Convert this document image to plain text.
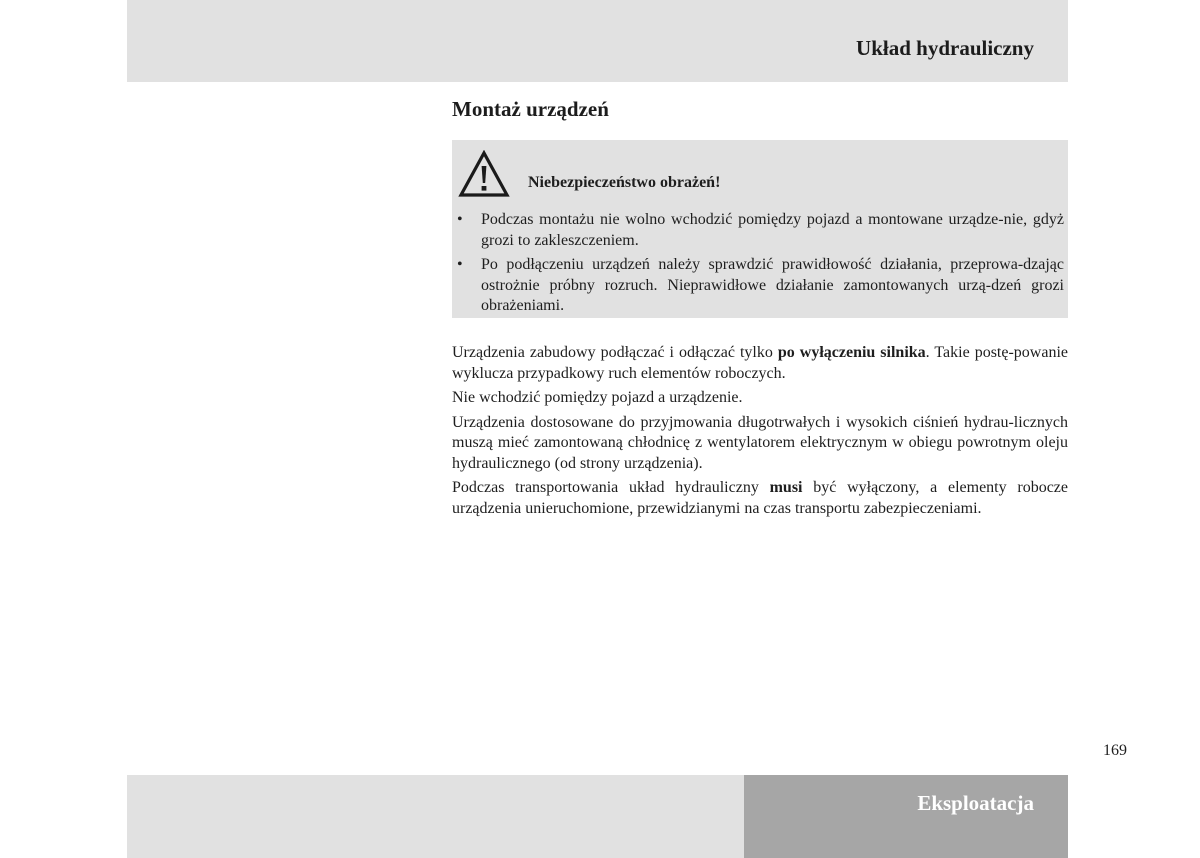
Układ hydrauliczny
Montaż urządzeń
Niebezpieczeństwo obrażeń!
• Podczas montażu nie wolno wchodzić pomiędzy pojazd a montowane urządze-nie, gdyż grozi to zakleszczeniem.
• Po podłączeniu urządzeń należy sprawdzić prawidłowość działania, przeprowa-dzając ostrożnie próbny rozruch. Nieprawidłowe działanie zamontowanych urzą-dzeń grozi obrażeniami.

Urządzenia zabudowy podłączać i odłączać tylko po wyłączeniu silnika. Takie postę-powanie wyklucza przypadkowy ruch elementów roboczych.

Nie wchodzić pomiędzy pojazd a urządzenie.

Urządzenia dostosowane do przyjmowania długotrwałych i wysokich ciśnień hydrau-licznych muszą mieć zamontowaną chłodnicę z wentylatorem elektrycznym w obiegu powrotnym oleju hydraulicznego (od strony urządzenia).

Podczas transportowania układ hydrauliczny musi być wyłączony, a elementy robocze urządzenia unieruchomione, przewidzianymi na czas transportu zabezpieczeniami.

169
Eksploatacja
